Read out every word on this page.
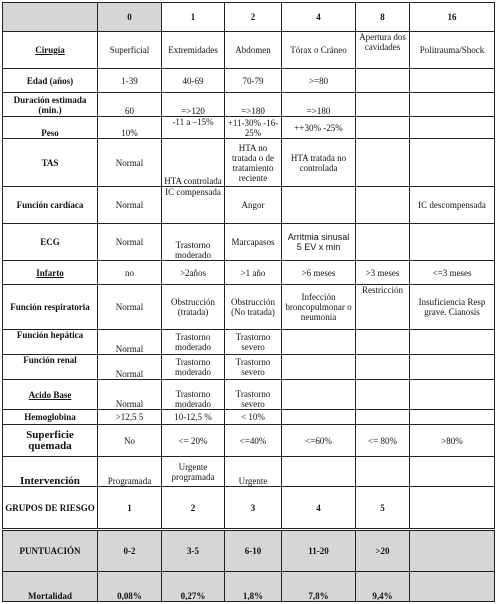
	0	1	2	4	8	16
Cirugía	Superficial	Extremidades	Abdomen	Tórax o Cráneo	Apertura dos cavidades	Politrauma/Shock
Edad (años)	1-39	40-69	70-79	>=80		
Duración estimada (min.)	60	=>120	=>180	=>180		
Peso	10%	-11 a –15%	+11-30% -16-25%	++30% -25%		
TAS	Normal	HTA controlada	HTA no tratada o de tratamiento reciente	HTA tratada no controlada		
Función cardíaca	Normal	IC compensada	Angor			IC descompensada
ECG	Normal	Trastorno moderado	Marcapasos	Arritmia sinusal 5 EV x min		
Infarto	no	>2años	>1 año	>6 meses	>3 meses	<=3 meses
Función respiratoria	Normal	Obstrucción (tratada)	Obstrucción (No tratada)	Infección broncopulmonar o neumonía	Restricción	Insuficiencia Resp grave. Cianosis
Función hepática	Normal	Trastorno moderado	Trastorno severo			
Función renal	Normal	Trastorno moderado	Trastorno severo			
Acido Base	Normal	Trastorno moderado	Trastorno severo			
Hemoglobina	>12,5 5	10-12,5 %	< 10%			
Superficie quemada	No	<= 20%	<=40%	<=60%	<= 80%	>80%
Intervención	Programada	Urgente programada	Urgente			
GRUPOS DE RIESGO	1	2	3	4	5	
PUNTUACIÓN	0-2	3-5	6-10	11-20	>20	
Mortalidad	0,08%	0,27%	1,8%	7,8%	9,4%	
